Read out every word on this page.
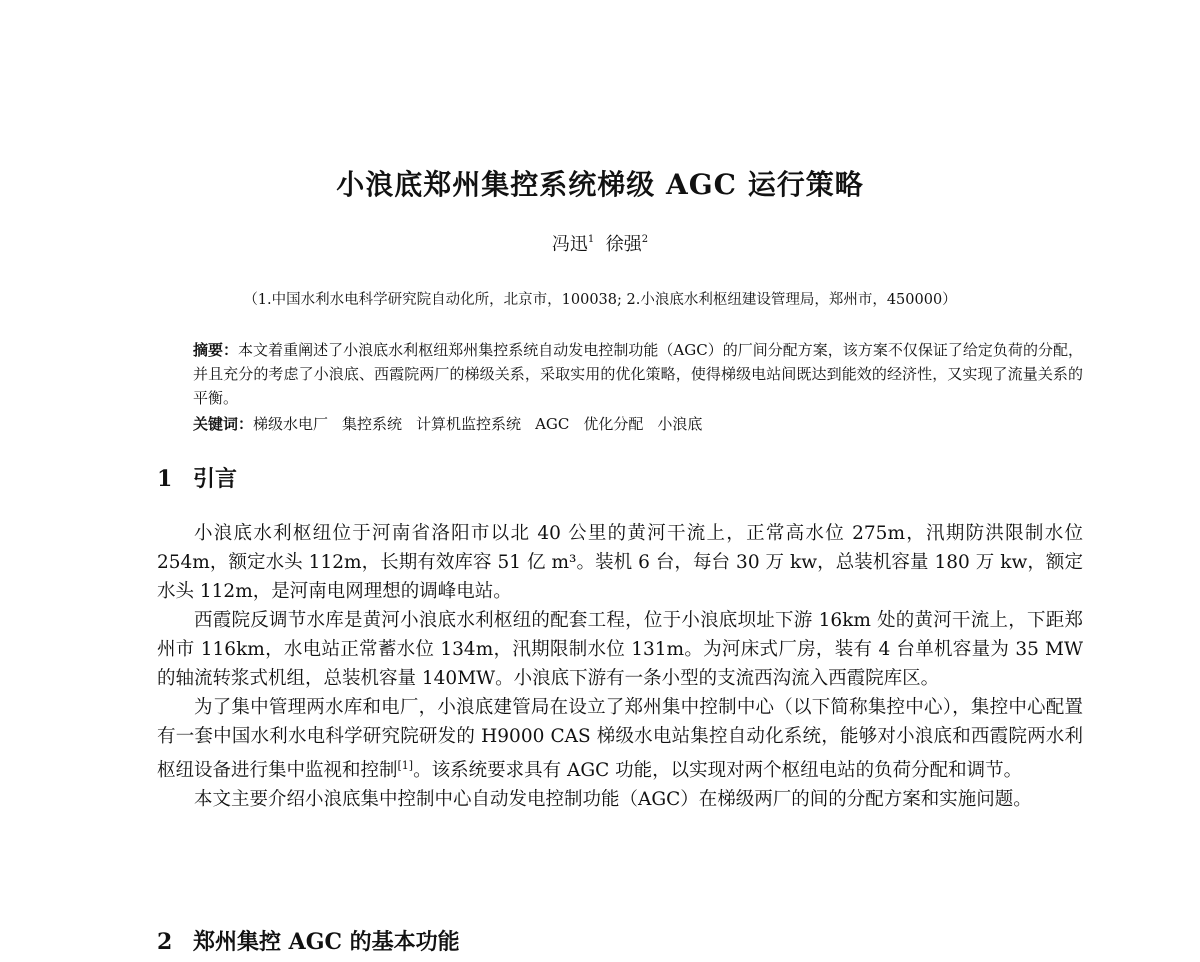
小浪底郑州集控系统梯级 AGC 运行策略
冯迅$^1$ 徐强$^2$
（1.中国水利水电科学研究院自动化所，北京市，100038; 2.小浪底水利枢纽建设管理局，郑州市，450000）
摘要：本文着重阐述了小浪底水利枢纽郑州集控系统自动发电控制功能（AGC）的厂间分配方案，该方案不仅保证了给定负荷的分配，并且充分的考虑了小浪底、西霞院两厂的梯级关系，采取实用的优化策略，使得梯级电站间既达到能效的经济性，又实现了流量关系的平衡。
关键词：梯级水电厂 集控系统 计算机监控系统 AGC 优化分配 小浪底
1 引言

小浪底水利枢纽位于河南省洛阳市以北 40 公里的黄河干流上，正常高水位 275m，汛期防洪限制水位 254m，额定水头 112m，长期有效库容 51 亿 m³。装机 6 台，每台 30 万 kw，总装机容量 180 万 kw，额定水头 112m，是河南电网理想的调峰电站。

西霞院反调节水库是黄河小浪底水利枢纽的配套工程，位于小浪底坝址下游 16km 处的黄河干流上，下距郑州市 116km，水电站正常蓄水位 134m，汛期限制水位 131m。为河床式厂房，装有 4 台单机容量为 35 MW 的轴流转浆式机组，总装机容量 140MW。小浪底下游有一条小型的支流西沟流入西霞院库区。

为了集中管理两水库和电厂，小浪底建管局在设立了郑州集中控制中心（以下简称集控中心），集控中心配置有一套中国水利水电科学研究院研发的 H9000 CAS 梯级水电站集控自动化系统，能够对小浪底和西霞院两水利枢纽设备进行集中监视和控制[1]。该系统要求具有 AGC 功能，以实现对两个枢纽电站的负荷分配和调节。

本文主要介绍小浪底集中控制中心自动发电控制功能（AGC）在梯级两厂的间的分配方案和实施问题。

2 郑州集控 AGC 的基本功能
